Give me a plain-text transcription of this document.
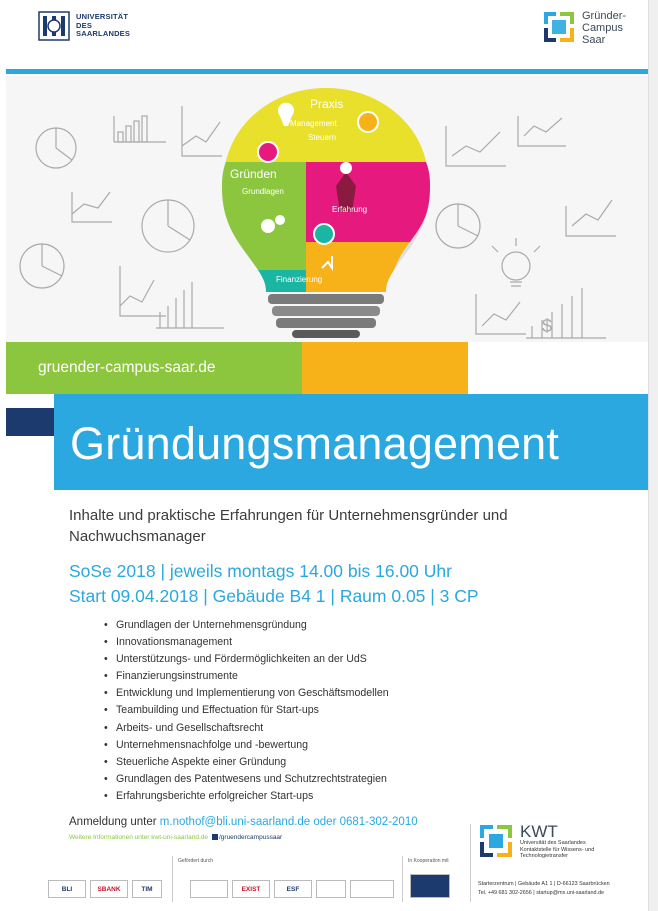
UNIVERSITÄT
DES
SAARLANDES
Gründer-
Campus
Saar
$
Praxis
Management
Steuern
Gründen
Grundlagen
Erfahrung
Finanzierung
gruender-campus-saar.de
Gründungsmanagement
Inhalte und praktische Erfahrungen für Unternehmensgründer und Nachwuchsmanager
SoSe 2018 | jeweils montags 14.00 bis 16.00 Uhr
Start 09.04.2018 | Gebäude B4 1 | Raum 0.05 | 3 CP
• Grundlagen der Unternehmensgründung
• Innovationsmanagement
• Unterstützungs- und Fördermöglichkeiten an der UdS
• Finanzierungsinstrumente
• Entwicklung und Implementierung von Geschäftsmodellen
• Teambuilding und Effectuation für Start-ups
• Arbeits- und Gesellschaftsrecht
• Unternehmensnachfolge und -bewertung
• Steuerliche Aspekte einer Gründung
• Grundlagen des Patentwesens und Schutzrechtstrategien
• Erfahrungsberichte erfolgreicher Start-ups
Anmeldung unter m.nothof@bli.uni-saarland.de oder 0681-302-2010
Weitere Informationen unter kwt-uni-saarland.de /gruendercampussaar
Gefördert durch	In Kooperation mit
BLI	SBANK	TIM	EXIST	ESF
KWT
Universität des Saarlandes
Kontaktstelle für Wissens- und
Technologietransfer
Starterzentrum | Gebäude A1 1 | D-66123 Saarbrücken
Tel. +49 681 302-2656 | startup@mx.uni-saarland.de
